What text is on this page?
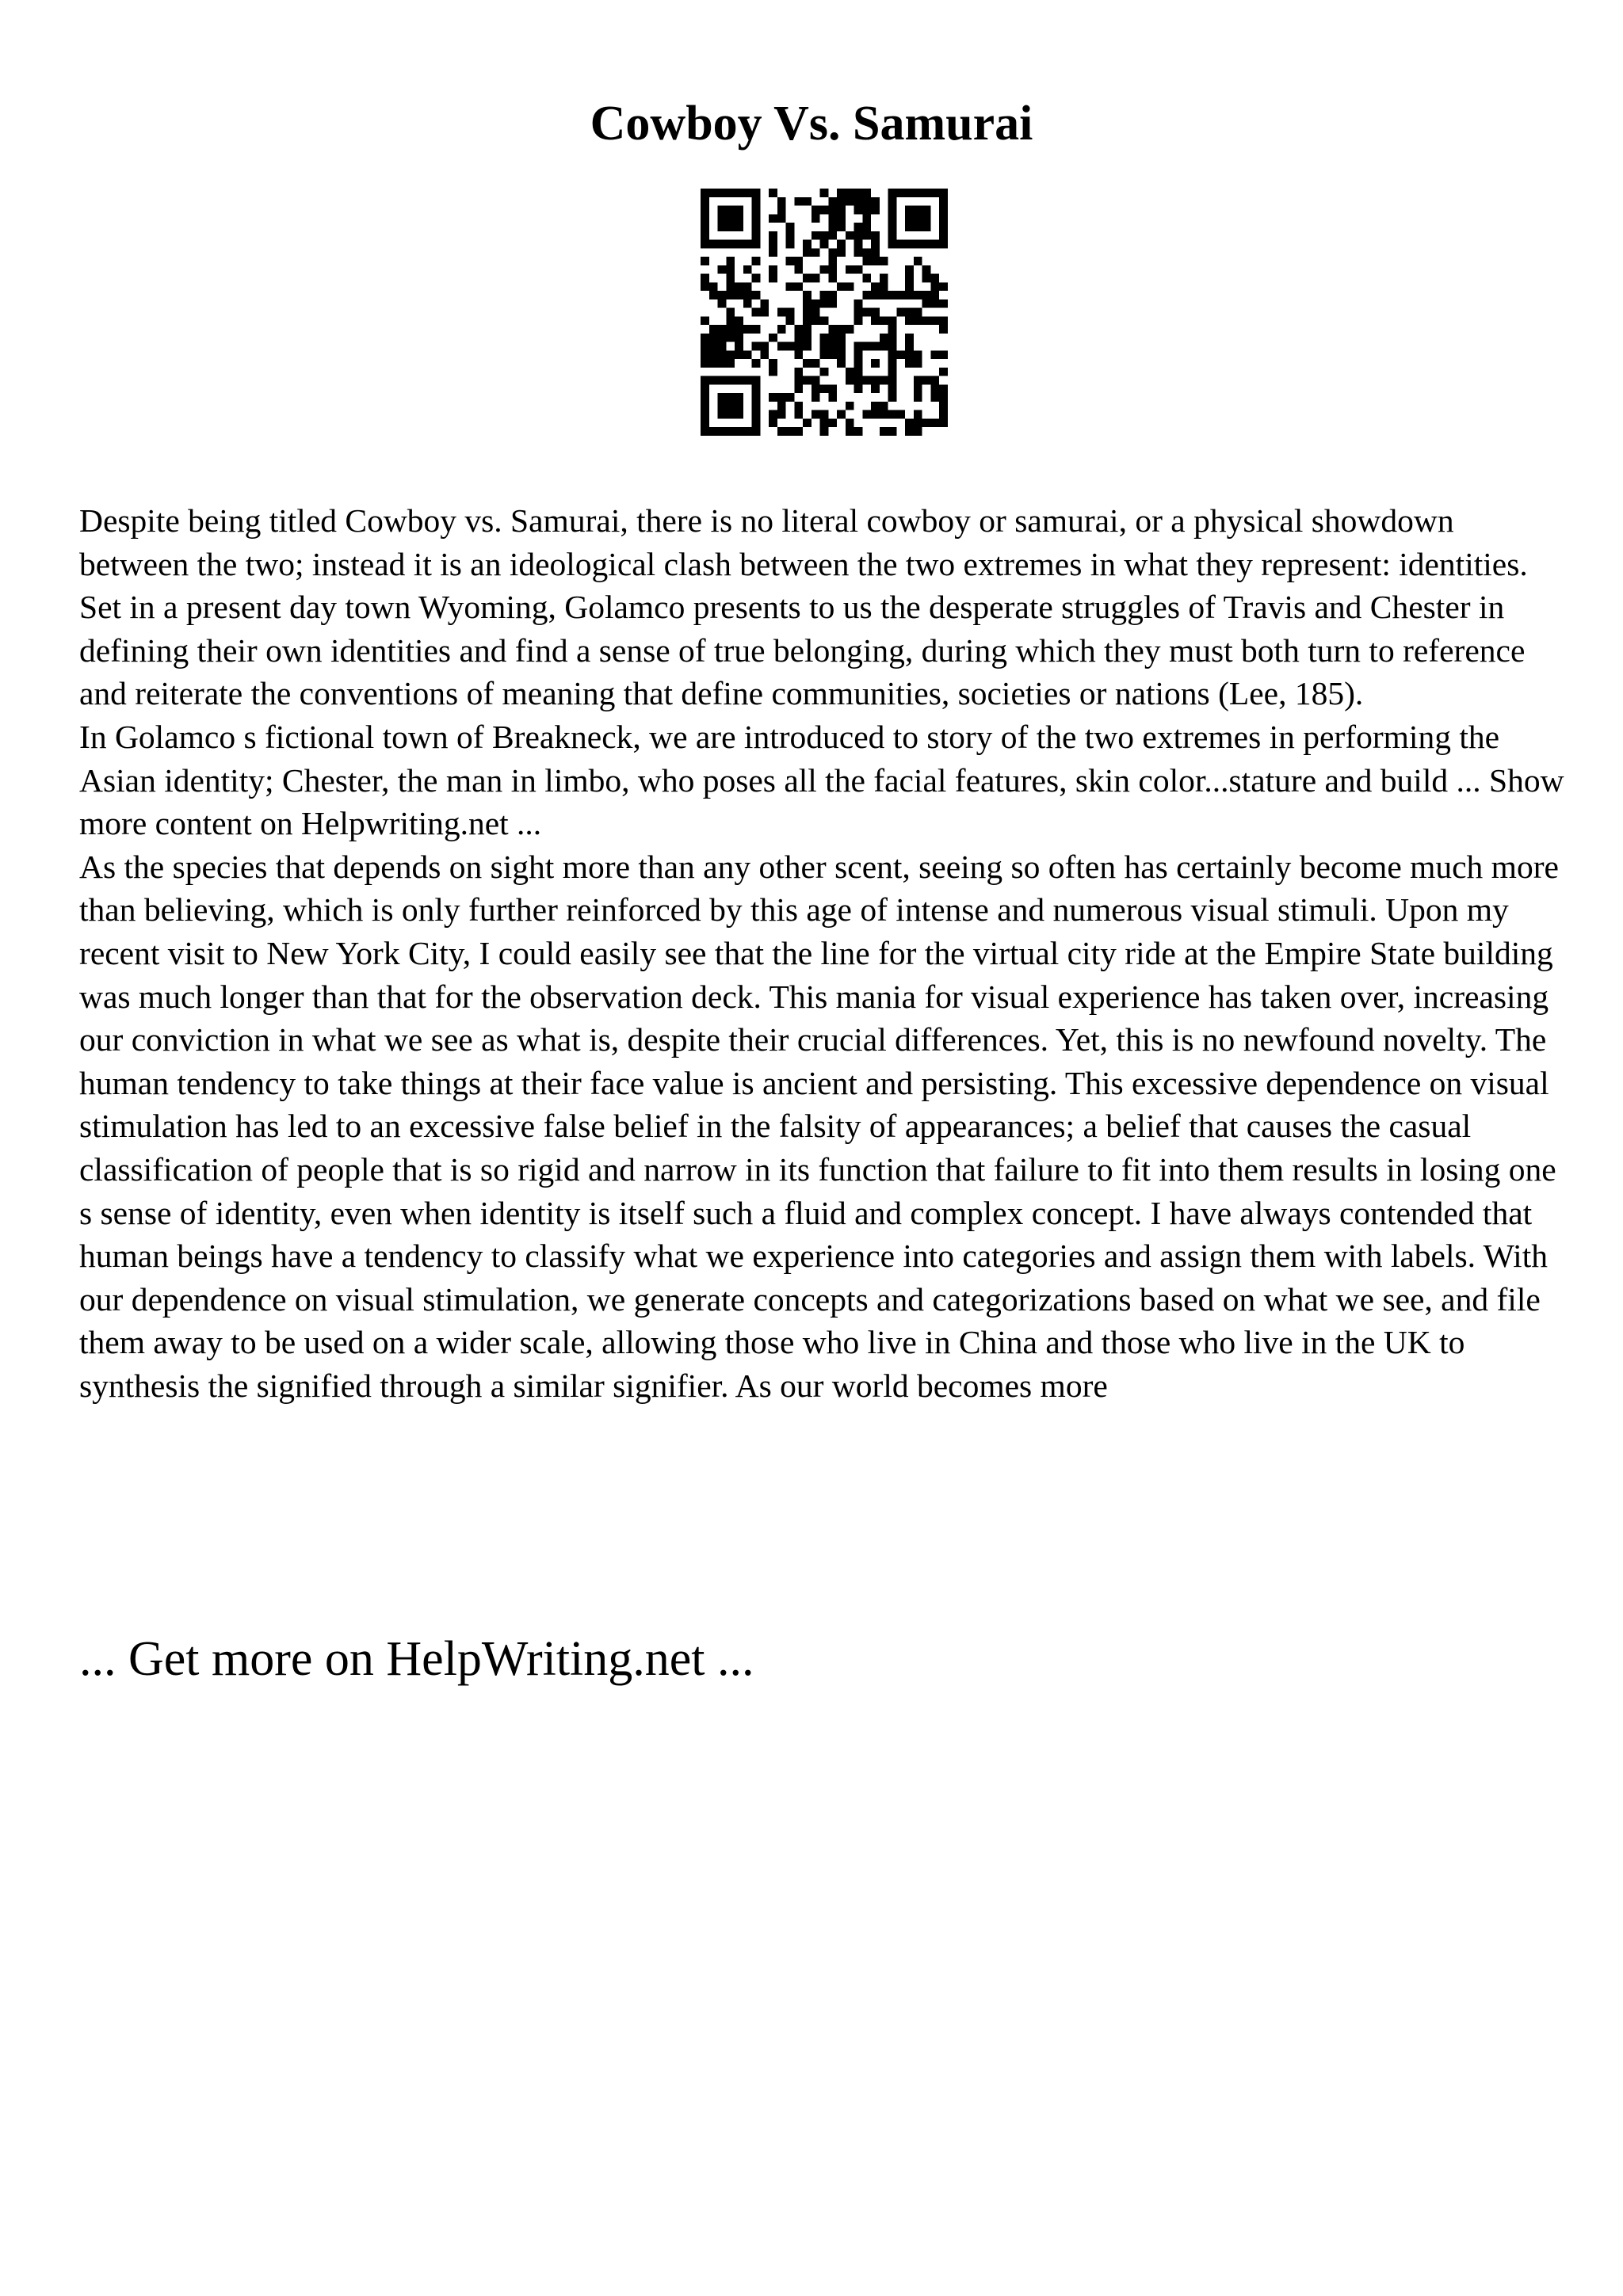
Cowboy Vs. Samurai

Despite being titled Cowboy vs. Samurai, there is no literal cowboy or samurai, or a physical showdown between the two; instead it is an ideological clash between the two extremes in what they represent: identities. Set in a present day town Wyoming, Golamco presents to us the desperate struggles of Travis and Chester in defining their own identities and find a sense of true belonging, during which they must both turn to reference and reiterate the conventions of meaning that define communities, societies or nations (Lee, 185).

In Golamco s fictional town of Breakneck, we are introduced to story of the two extremes in performing the Asian identity; Chester, the man in limbo, who poses all the facial features, skin color...stature and build ... Show more content on Helpwriting.net ...

As the species that depends on sight more than any other scent, seeing so often has certainly become much more than believing, which is only further reinforced by this age of intense and numerous visual stimuli. Upon my recent visit to New York City, I could easily see that the line for the virtual city ride at the Empire State building was much longer than that for the observation deck. This mania for visual experience has taken over, increasing our conviction in what we see as what is, despite their crucial differences. Yet, this is no newfound novelty. The human tendency to take things at their face value is ancient and persisting. This excessive dependence on visual stimulation has led to an excessive false belief in the falsity of appearances; a belief that causes the casual classification of people that is so rigid and narrow in its function that failure to fit into them results in losing one s sense of identity, even when identity is itself such a fluid and complex concept. I have always contended that human beings have a tendency to classify what we experience into categories and assign them with labels. With our dependence on visual stimulation, we generate concepts and categorizations based on what we see, and file them away to be used on a wider scale, allowing those who live in China and those who live in the UK to synthesis the signified through a similar signifier. As our world becomes more

... Get more on HelpWriting.net ...
